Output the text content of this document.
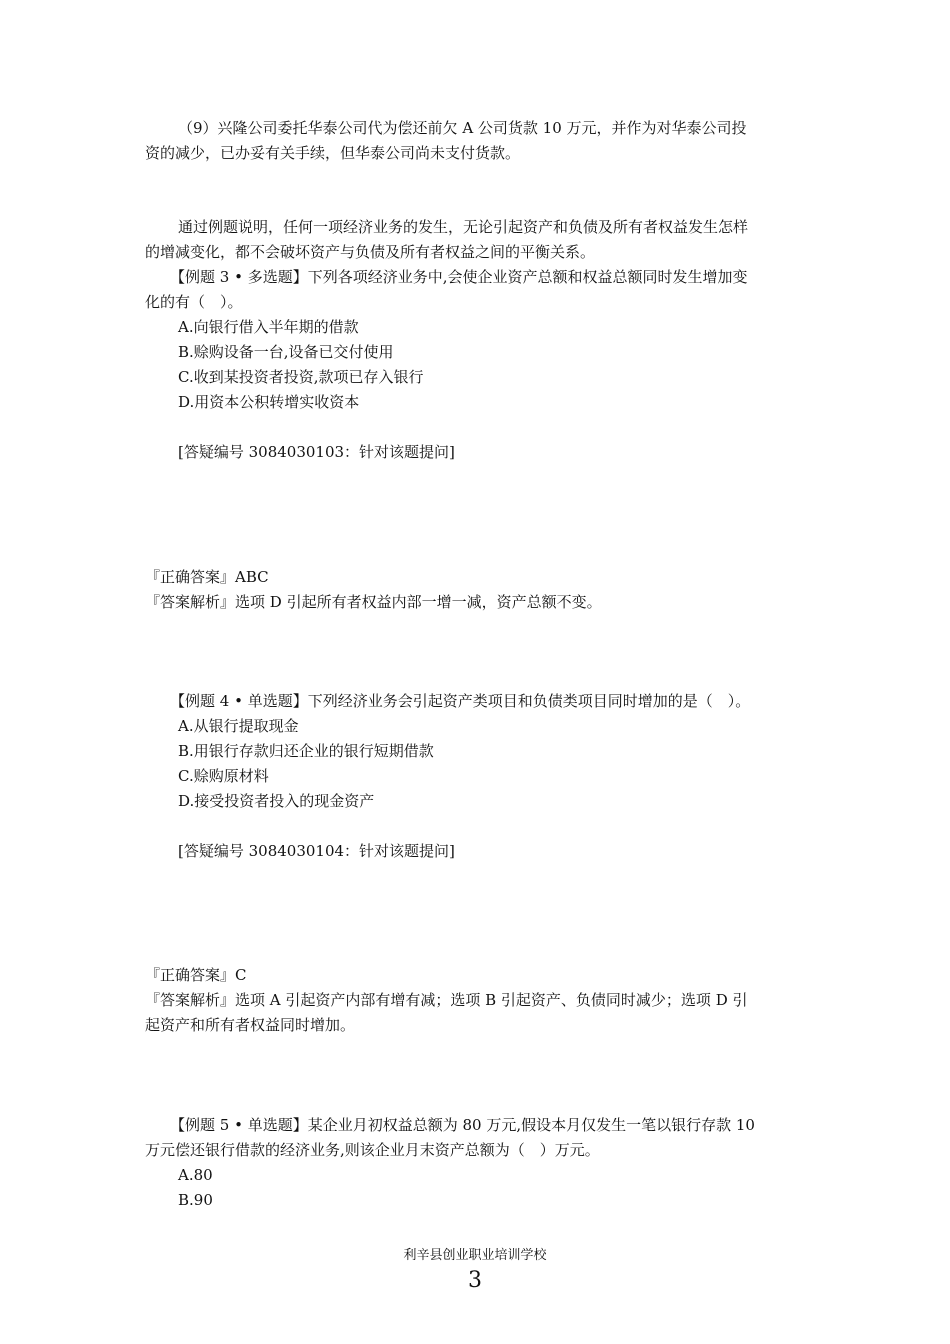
（9）兴隆公司委托华泰公司代为偿还前欠 A 公司货款 10 万元，并作为对华泰公司投
资的减少，已办妥有关手续，但华泰公司尚未支付货款。
通过例题说明，任何一项经济业务的发生，无论引起资产和负债及所有者权益发生怎样
的增减变化，都不会破坏资产与负债及所有者权益之间的平衡关系。
【例题 3 • 多选题】下列各项经济业务中,会使企业资产总额和权益总额同时发生增加变
化的有（　）。
A.向银行借入半年期的借款
B.赊购设备一台,设备已交付使用
C.收到某投资者投资,款项已存入银行
D.用资本公积转增实收资本
[答疑编号 3084030103：针对该题提问]
『正确答案』ABC
『答案解析』选项 D 引起所有者权益内部一增一减，资产总额不变。
【例题 4 • 单选题】下列经济业务会引起资产类项目和负债类项目同时增加的是（　）。
A.从银行提取现金
B.用银行存款归还企业的银行短期借款
C.赊购原材料
D.接受投资者投入的现金资产
[答疑编号 3084030104：针对该题提问]
『正确答案』C
『答案解析』选项 A 引起资产内部有增有减；选项 B 引起资产、负债同时减少；选项 D 引
起资产和所有者权益同时增加。
【例题 5 • 单选题】某企业月初权益总额为 80 万元,假设本月仅发生一笔以银行存款 10
万元偿还银行借款的经济业务,则该企业月末资产总额为（　）万元。
A.80
B.90
利辛县创业职业培训学校
3
